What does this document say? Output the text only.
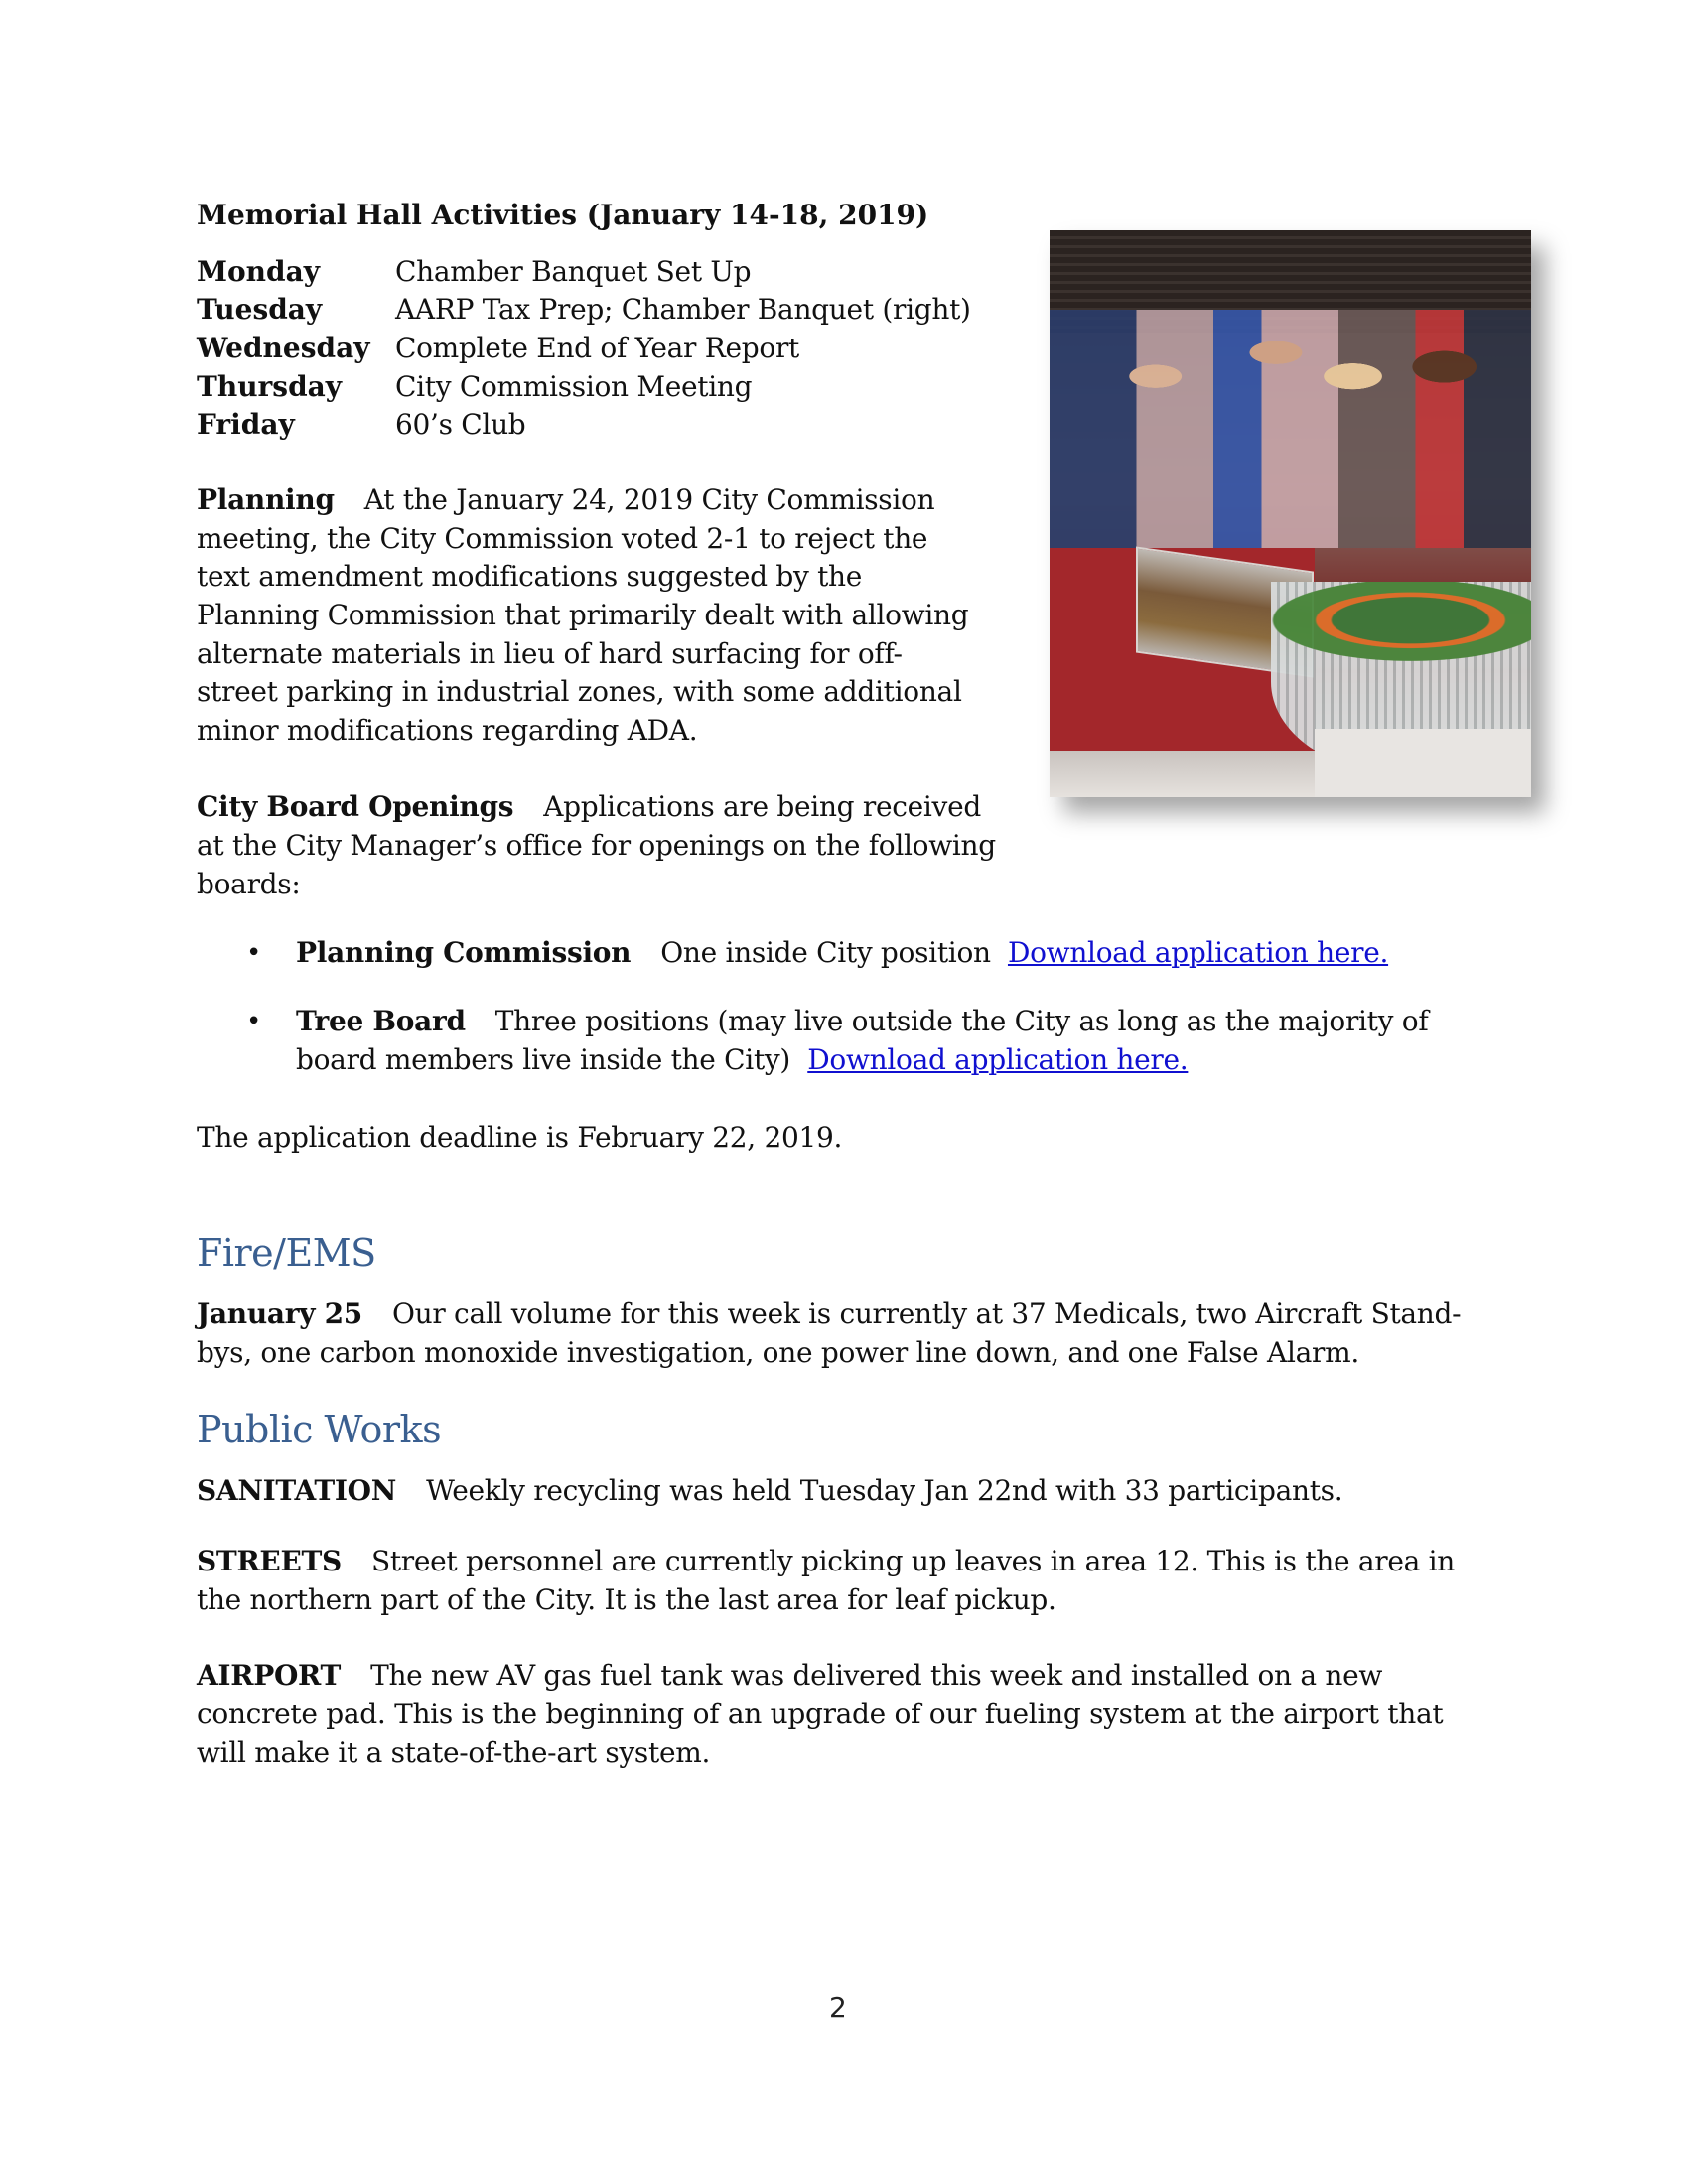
Memorial Hall Activities (January 14-18, 2019)
Monday	Chamber Banquet Set Up
Tuesday	AARP Tax Prep; Chamber Banquet (right)
Wednesday Complete End of Year Report
Thursday City Commission Meeting
Friday	60’s Club
Planning At the January 24, 2019 City Commission
meeting, the City Commission voted 2-1 to reject the
text amendment modifications suggested by the
Planning Commission that primarily dealt with allowing
alternate materials in lieu of hard surfacing for off-
street parking in industrial zones, with some additional
minor modifications regarding ADA.
City Board Openings Applications are being received
at the City Manager’s office for openings on the following
boards:
• Planning Commission One inside City position Download application here.
• Tree Board Three positions (may live outside the City as long as the majority of
board members live inside the City) Download application here.
The application deadline is February 22, 2019.
Fire/EMS
January 25 Our call volume for this week is currently at 37 Medicals, two Aircraft Stand-
bys, one carbon monoxide investigation, one power line down, and one False Alarm.
Public Works
SANITATION Weekly recycling was held Tuesday Jan 22nd with 33 participants.
STREETS Street personnel are currently picking up leaves in area 12. This is the area in
the northern part of the City. It is the last area for leaf pickup.
AIRPORT The new AV gas fuel tank was delivered this week and installed on a new
concrete pad. This is the beginning of an upgrade of our fueling system at the airport that
will make it a state-of-the-art system.
2
